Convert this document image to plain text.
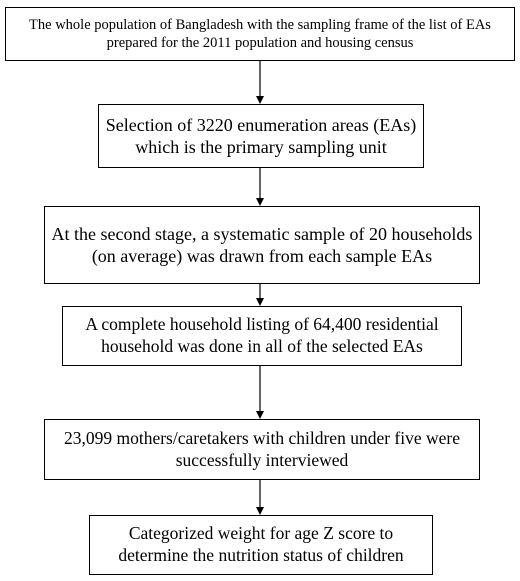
The whole population of Bangladesh with the sampling frame of the list of EAs prepared for the 2011 population and housing census
Selection of 3220 enumeration areas (EAs) which is the primary sampling unit
At the second stage, a systematic sample of 20 households (on average) was drawn from each sample EAs
A complete household listing of 64,400 residential household was done in all of the selected EAs
23,099 mothers/caretakers with children under five were successfully interviewed
Categorized weight for age Z score to determine the nutrition status of children
